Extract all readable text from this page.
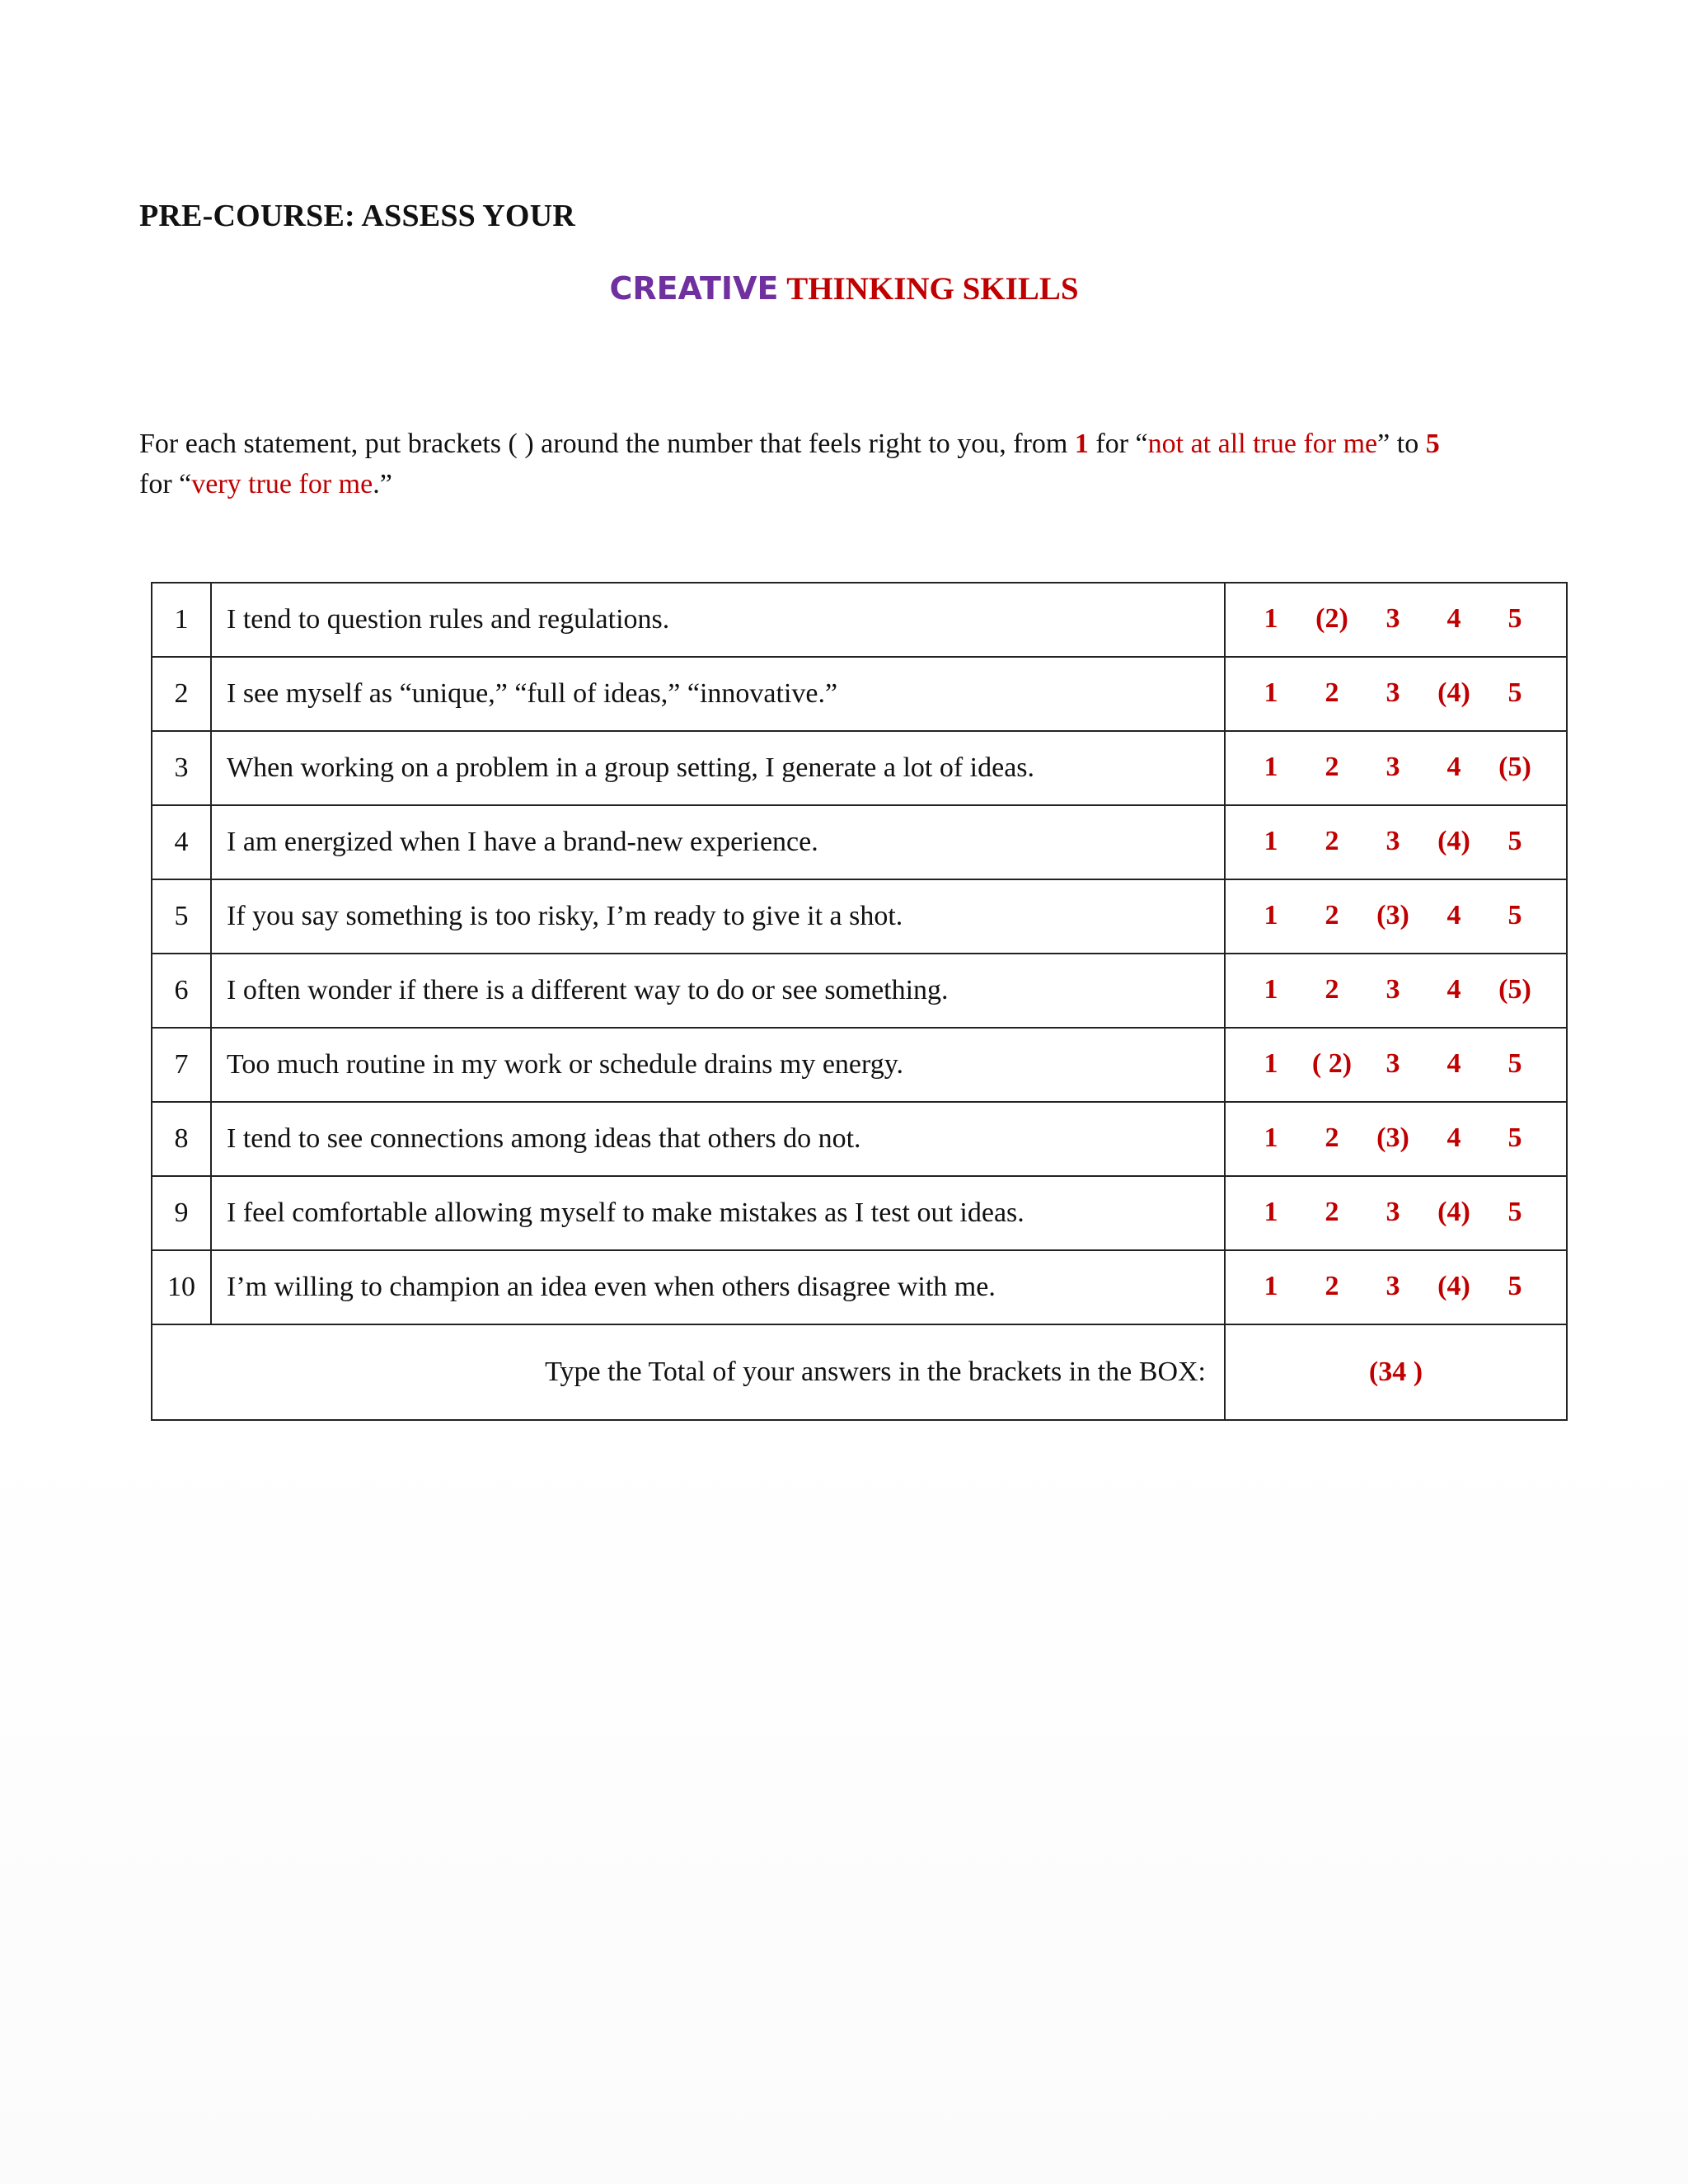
PRE-COURSE: ASSESS YOUR
CREATIVE THINKING SKILLS
For each statement, put brackets ( ) around the number that feels right to you, from 1 for “not at all true for me” to 5
for “very true for me.”
1	I tend to question rules and regulations.	1 (2) 3 4 5

2	I see myself as “unique,” “full of ideas,” “innovative.”	1 2 3 (4) 5

3	When working on a problem in a group setting, I generate a lot of ideas.	1 2 3 4 (5)

4	I am energized when I have a brand-new experience.	1 2 3 (4) 5

5	If you say something is too risky, I’m ready to give it a shot.	1 2 (3) 4 5

6	I often wonder if there is a different way to do or see something.	1 2 3 4 (5)

7	Too much routine in my work or schedule drains my energy.	1 ( 2) 3 4 5

8	I tend to see connections among ideas that others do not.	1 2 (3) 4 5

9	I feel comfortable allowing myself to make mistakes as I test out ideas.	1 2 3 (4) 5

10	I’m willing to champion an idea even when others disagree with me.	1 2 3 (4) 5

Type the Total of your answers in the brackets in the BOX:		(34 )
